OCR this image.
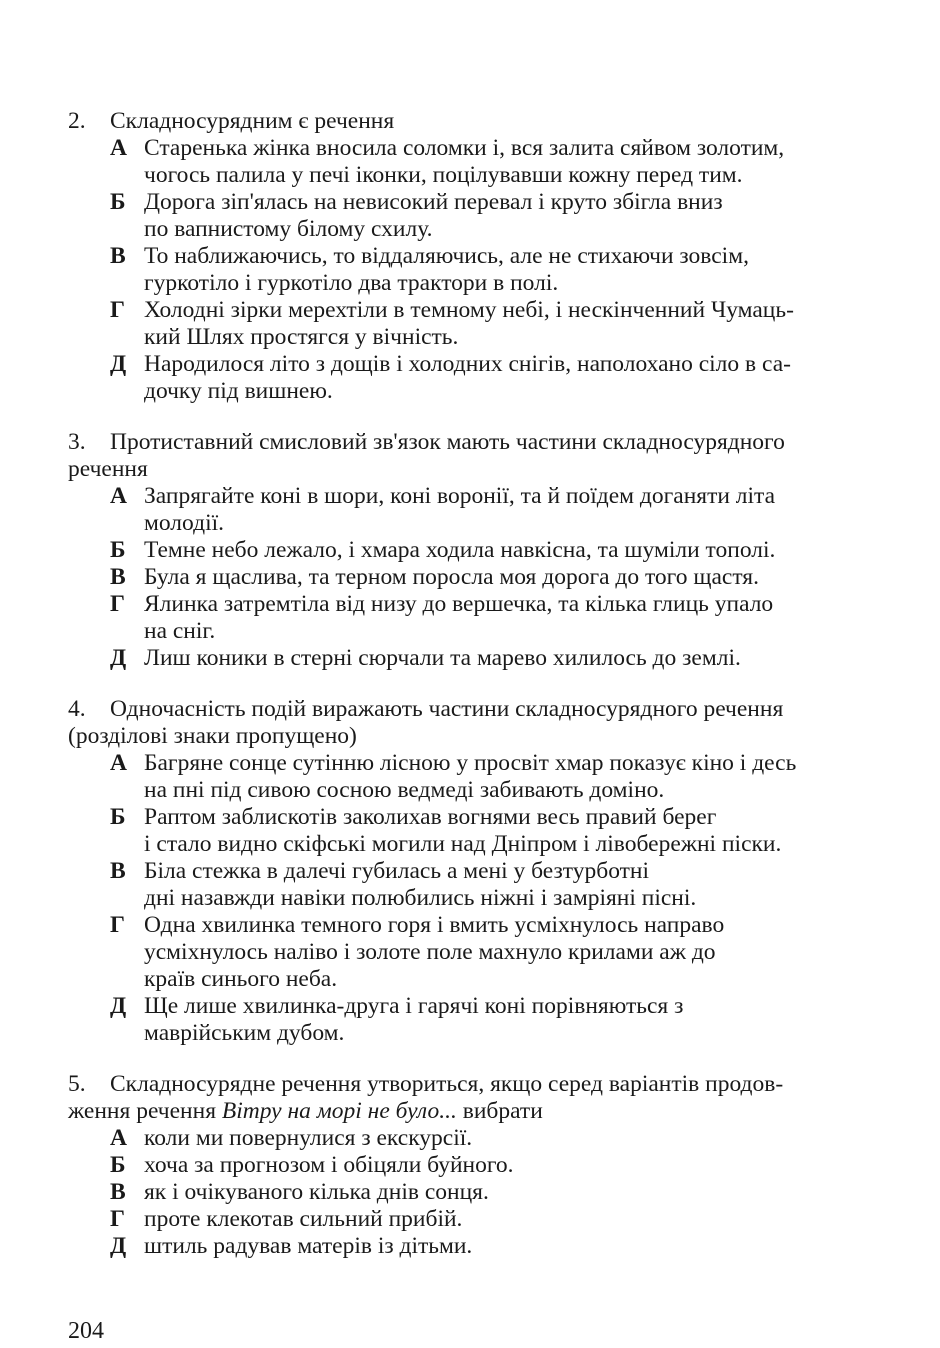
2. Складносурядним є речення
А Старенька жінка вносила соломки і, вся залита сяйвом золотим,
чогось палила у печі іконки, поцілувавши кожну перед тим.
Б Дорога зіп'ялась на невисокий перевал і круто збігла вниз
по вапнистому білому схилу.
В То наближаючись, то віддаляючись, але не стихаючи зовсім,
гуркотіло і гуркотіло два трактори в полі.
Г Холодні зірки мерехтіли в темному небі, і нескінченний Чумаць-
кий Шлях простягся у вічність.
Д Народилося літо з дощів і холодних снігів, наполохано сіло в са-
дочку під вишнею.
3. Протиставний смисловий зв'язок мають частини складносурядного
речення
А Запрягайте коні в шори, коні воронії, та й поїдем доганяти літа
молодії.
Б Темне небо лежало, і хмара ходила навкісна, та шуміли тополі.
В Була я щаслива, та терном поросла моя дорога до того щастя.
Г Ялинка затремтіла від низу до вершечка, та кілька глиць упало
на сніг.
Д Лиш коники в стерні сюрчали та марево хилилось до землі.
4. Одночасність подій виражають частини складносурядного речення
(розділові знаки пропущено)
А Багряне сонце сутінню лісною у просвіт хмар показує кіно і десь
на пні під сивою сосною ведмеді забивають доміно.
Б Раптом заблискотів заколихав вогнями весь правий берег
і стало видно скіфські могили над Дніпром і лівобережні піски.
В Біла стежка в далечі губилась а мені у безтурботні
дні назавжди навіки полюбились ніжні і замріяні пісні.
Г Одна хвилинка темного горя і вмить усміхнулось направо
усміхнулось наліво і золоте поле махнуло крилами аж до
країв синього неба.
Д Ще лише хвилинка-друга і гарячі коні порівняються з
маврійським дубом.
5. Складносурядне речення утвориться, якщо серед варіантів продов-
ження речення Вітру на морі не було... вибрати
А коли ми повернулися з екскурсії.
Б хоча за прогнозом і обіцяли буйного.
В як і очікуваного кілька днів сонця.
Г проте клекотав сильний прибій.
Д штиль радував матерів із дітьми.
204
